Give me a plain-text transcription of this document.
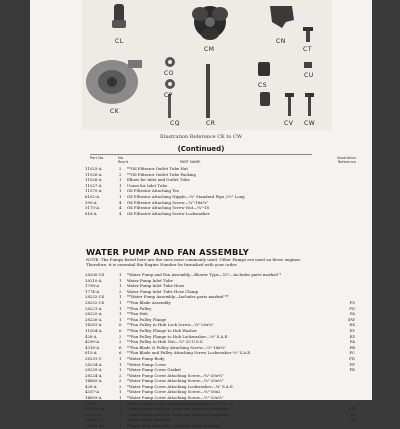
CL
CM
CN
CO
CP
CQ
CK
CR
CS
CT
CU
CV CW
Illustration Reference CK to CW
(Continued)
Part No.	No. Req'd	PART NAME
Illustration Reference
11025-A	2 **Oil Filtrator Outlet Tube Nut
11026-A	2 **Oil Filtrator Outlet Tube Packing
11026-A	1 Elbow for Inlet and Outlet Tube
11027-A	1 Union for Inlet Tube
11570-A	1 Oil Filtrator Attaching Tee
6102-A	1 Oil Filtrator Attaching Nipple—¼" Standard Pipe 2½" Long
399-A	4 Oil Filtrator Attaching Screw—¼"-18x¾"
3175-A	4 Oil Filtrator Attaching Screw Nut—¼"-18
616-A	4 Oil Filtrator Attaching Screw Lockwasher
WATER PUMP AND FAN ASSEMBLY
NOTE. The Pumps listed here are the ones most commonly used. Other Pumps are used on these engines. Therefore, it is essential the Engine Number be furnished with your order.
28200-CS	1 *Water Pump and Fan Assembly—Blower Type—15"—Includes parts marked *
28210-A	1 Water Pump Inlet Tube
1798-A	1 Water Pump Inlet Tube Hose
1774-A	2 Water Pump Inlet Tube Hose Clamp
28232-CS	1 **Water Pump Assembly—Includes parts marked **
28252-CS	1 **Fan Blade Assembly	FS
28221-A	1 **Fan Pulley	FG
28225-A	1 **Fan Hub	FA
28226-A	1 **Fan Pulley Flange	EW
14281-A	6 **Fan Pulley to Hub Lock Screw—¼"-20x⅜"	EX
11004-A	6 **Fan Pulley Flange to Hub Washer	EY
428-A	2 **Fan Pulley Flange to Hub Lockwasher—⅜" S.A.E.	EZ
4290-A	2 **Fan Pulley to Hub Nut—⅜"-20 U.S.S.	FA
4318-A	6 **Fan Blade & Pulley Attaching Screw—⅝"-18x⅝"	FB
615-A	6 **Fan Blade and Pulley Attaching Screw Lockwasher ⅜" S.A.E.	FC
28231-C	1 *Water Pump Body	FD
28234-A	1 *Water Pump Cover	FF
28235-A	1 *Water Pump Cover Gasket	FE
28224-A	2 *Water Pump Cover Attaching Screw—¼"-20x⅝"
14665-A	2 *Water Pump Cover Attaching Screw—¼"-20x½"
428-A	2 *Water Pump Cover Attaching Lockwasher—¼" S.A.E.
4337-A	1 *Water Pump Cover Attaching Screw—⅜"-16x2
14609-A	1 *Water Pump Cover Attaching Screw—½"-20x⅝"
629-A	2 *Water Pump Cover Attaching Lockwasher—⅝" S.A.E.
28219-AB	1 *Water Pump and Fan Shaft and Bearing Assembly	FH
28220-A	1 *Water Pump and Fan Shaft and Bearing Snap Ring	FI
28249-A	1 *Water Pump Impeller	FJ
28245-AS	1 *Water Seal Assembly—Includes parts marked \
